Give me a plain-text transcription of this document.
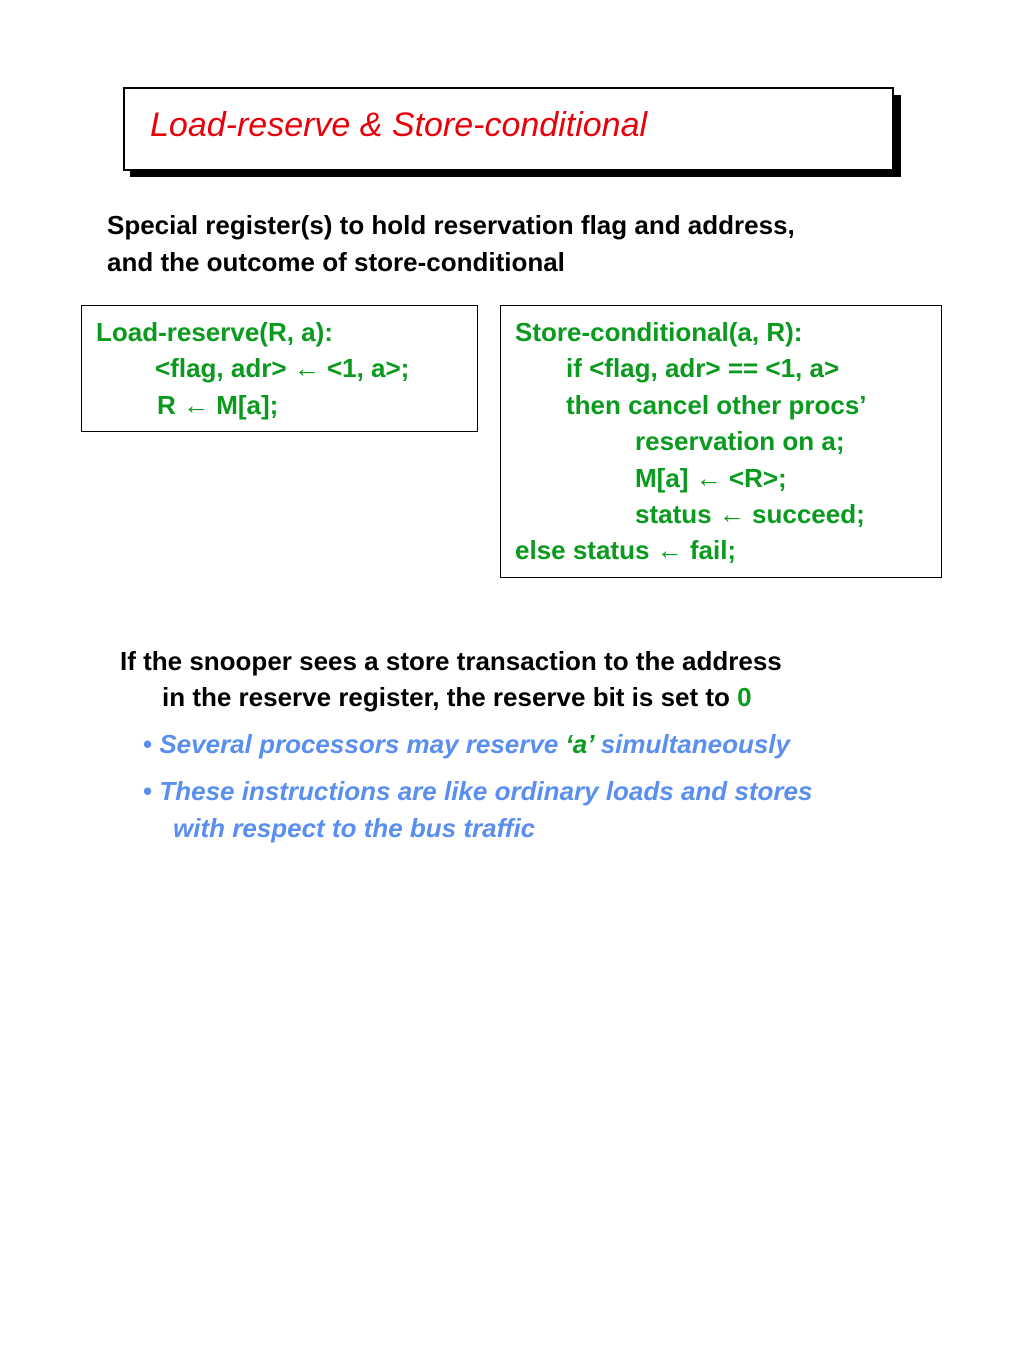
Load-reserve & Store-conditional
Special register(s) to hold reservation flag and address,
and the outcome of store-conditional
Load-reserve(R, a):
<flag, adr> ← <1, a>;
R ← M[a];
Store-conditional(a, R):
if <flag, adr> == <1, a>
then cancel other procs’
reservation on a;
M[a] ← <R>;
status ← succeed;
else status ← fail;
If the snooper sees a store transaction to the address
in the reserve register, the reserve bit is set to 0
• Several processors may reserve ‘a’ simultaneously
• These instructions are like ordinary loads and stores
with respect to the bus traffic
